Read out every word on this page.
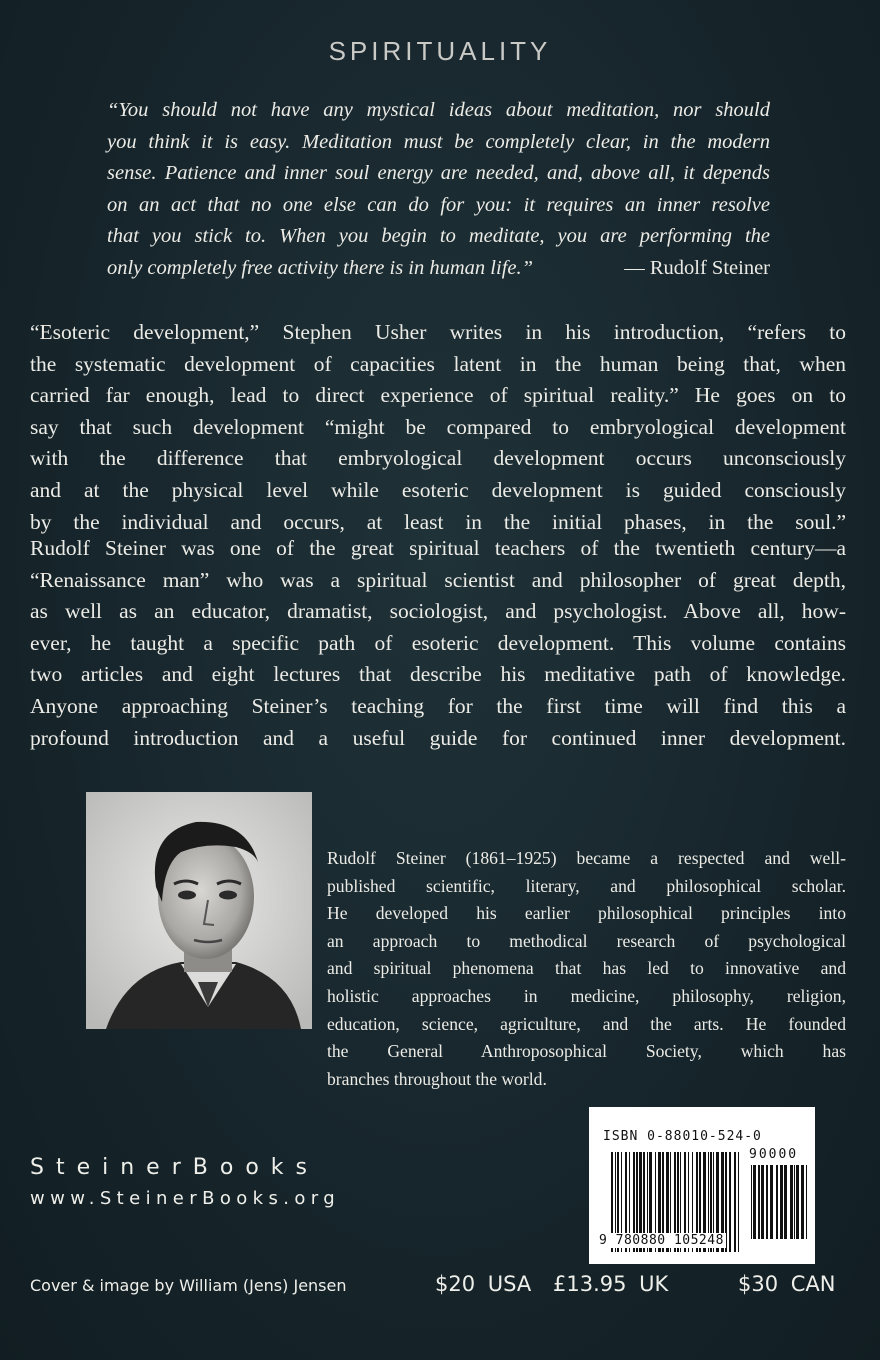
SPIRITUALITY
“You should not have any mystical ideas about meditation, nor should
you think it is easy. Meditation must be completely clear, in the modern
sense. Patience and inner soul energy are needed, and, above all, it depends
on an act that no one else can do for you: it requires an inner resolve
that you stick to. When you begin to meditate, you are performing the
only completely free activity there is in human life.”	— Rudolf Steiner
“Esoteric development,” Stephen Usher writes in his introduction, “refers to
the systematic development of capacities latent in the human being that, when
carried far enough, lead to direct experience of spiritual reality.” He goes on to
say that such development “might be compared to embryological development
with the difference that embryological development occurs unconsciously
and at the physical level while esoteric development is guided consciously
by the individual and occurs, at least in the initial phases, in the soul.”
Rudolf Steiner was one of the great spiritual teachers of the twentieth century—a
“Renaissance man” who was a spiritual scientist and philosopher of great depth,
as well as an educator, dramatist, sociologist, and psychologist. Above all, how-
ever, he taught a specific path of esoteric development. This volume contains
two articles and eight lectures that describe his meditative path of knowledge.
Anyone approaching Steiner’s teaching for the first time will find this a
profound introduction and a useful guide for continued inner development.
Rudolf Steiner (1861–1925) became a respected and well-
published scientific, literary, and philosophical scholar.
He developed his earlier philosophical principles into
an approach to methodical research of psychological
and spiritual phenomena that has led to innovative and
holistic approaches in medicine, philosophy, religion,
education, science, agriculture, and the arts. He founded
the General Anthroposophical Society, which has
branches throughout the world.
SteinerBooks
www.SteinerBooks.org
Cover & image by William (Jens) Jensen
ISBN 0-88010-524-0
90000
9 780880 105248
$20 USA £13.95 UK	$30 CAN
